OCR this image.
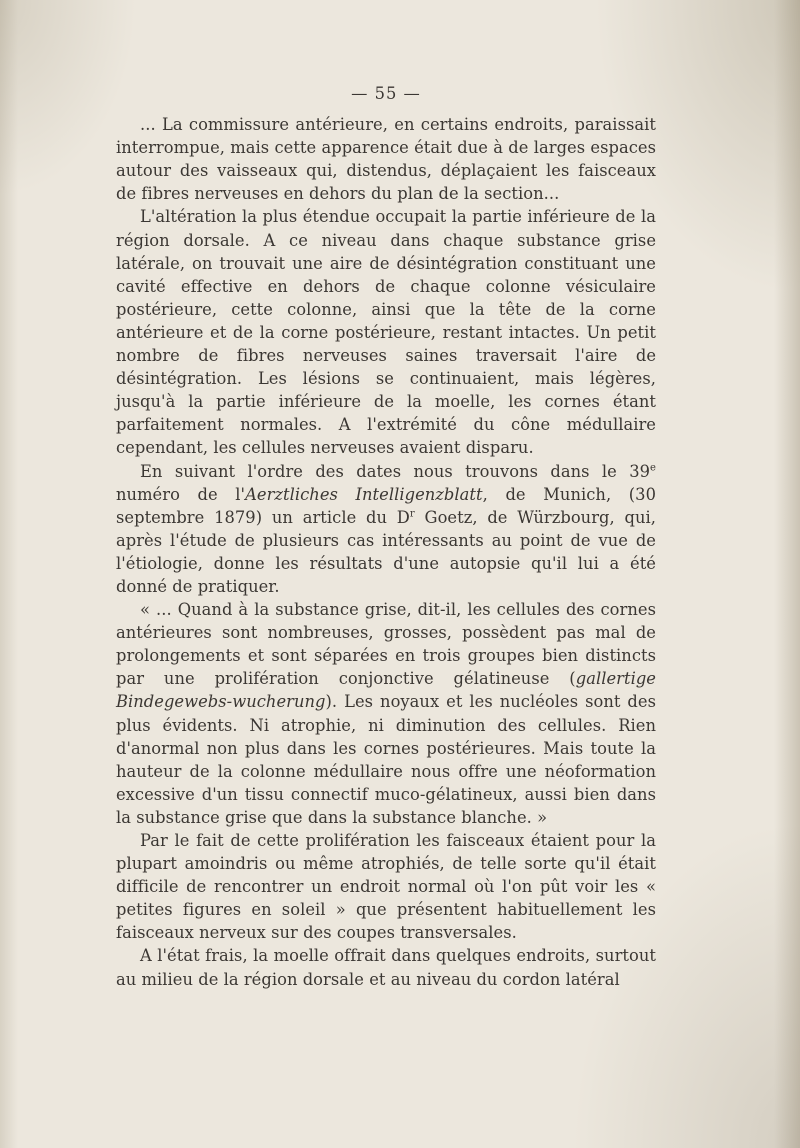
— 55 —

... La commissure antérieure, en certains endroits, paraissait interrompue, mais cette apparence était due à de larges espaces autour des vaisseaux qui, distendus, déplaçaient les faisceaux de fibres nerveuses en dehors du plan de la section...

L'altération la plus étendue occupait la partie inférieure de la région dorsale. A ce niveau dans chaque substance grise latérale, on trouvait une aire de désintégration constituant une cavité effective en dehors de chaque colonne vésiculaire postérieure, cette colonne, ainsi que la tête de la corne antérieure et de la corne postérieure, restant intactes. Un petit nombre de fibres nerveuses saines traversait l'aire de désintégration. Les lésions se continuaient, mais légères, jusqu'à la partie inférieure de la moelle, les cornes étant parfaitement normales. A l'extrémité du cône médullaire cependant, les cellules nerveuses avaient disparu.

En suivant l'ordre des dates nous trouvons dans le 39e numéro de l'Aerztliches Intelligenzblatt, de Munich, (30 septembre 1879) un article du $D^r$ Goetz, de Würzbourg, qui, après l'étude de plusieurs cas intéressants au point de vue de l'étiologie, donne les résultats d'une autopsie qu'il lui a été donné de pratiquer.

« ... Quand à la substance grise, dit-il, les cellules des cornes antérieures sont nombreuses, grosses, possèdent pas mal de prolongements et sont séparées en trois groupes bien distincts par une prolifération conjonctive gélatineuse (gallertige Bindegewebs-wucherung). Les noyaux et les nucléoles sont des plus évidents. Ni atrophie, ni diminution des cellules. Rien d'anormal non plus dans les cornes postérieures. Mais toute la hauteur de la colonne médullaire nous offre une néoformation excessive d'un tissu connectif muco-gélatineux, aussi bien dans la substance grise que dans la substance blanche. »

Par le fait de cette prolifération les faisceaux étaient pour la plupart amoindris ou même atrophiés, de telle sorte qu'il était difficile de rencontrer un endroit normal où l'on pût voir les « petites figures en soleil » que présentent habituellement les faisceaux nerveux sur des coupes transversales.

A l'état frais, la moelle offrait dans quelques endroits, surtout au milieu de la région dorsale et au niveau du cordon latéral
